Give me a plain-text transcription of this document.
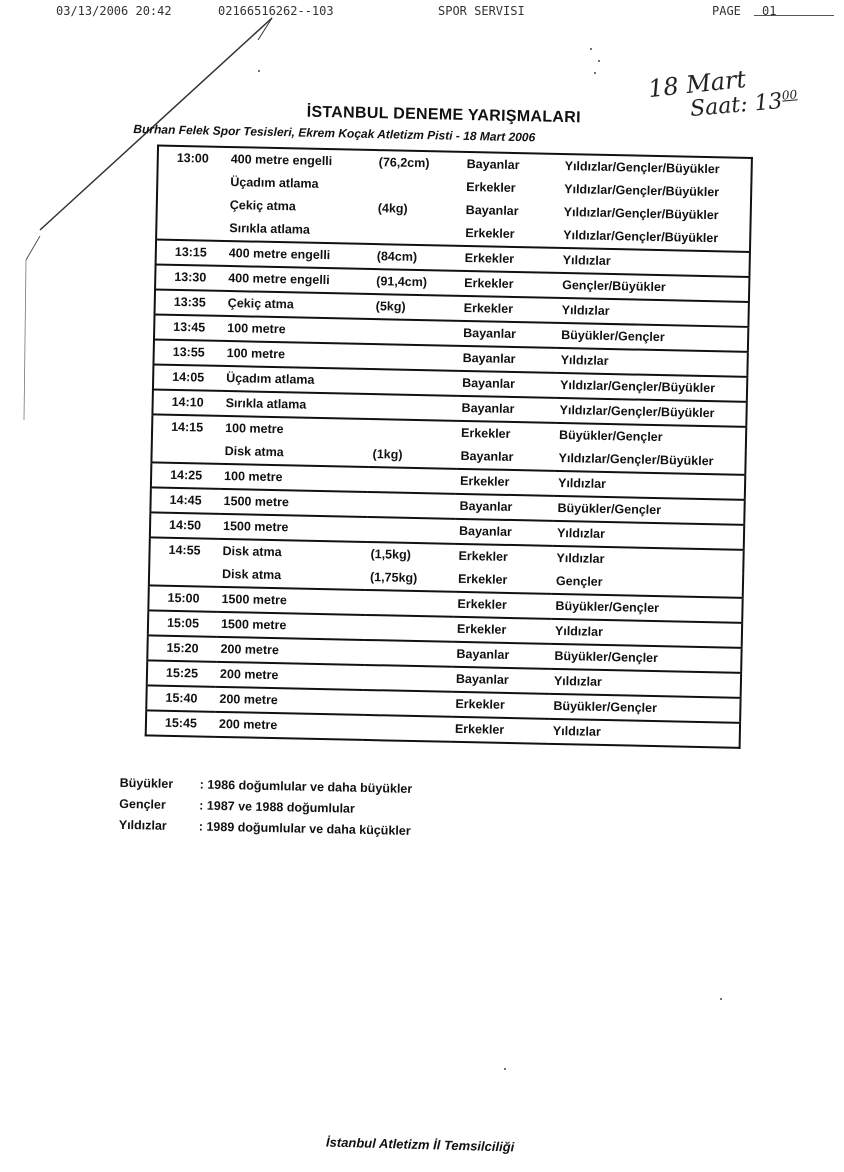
03/13/2006 20:42	02166516262--103	SPOR SERVISI	PAGE 01
18 Mart
Saat: $13^{00}$
İSTANBUL DENEME YARIŞMALARI
Burhan Felek Spor Tesisleri, Ekrem Koçak Atletizm Pisti - 18 Mart 2006
13:00	400 metre engelli	(76,2cm)	Bayanlar	Yıldızlar/Gençler/Büyükler
	Üçadım atlama		Erkekler	Yıldızlar/Gençler/Büyükler
	Çekiç atma	(4kg)	Bayanlar	Yıldızlar/Gençler/Büyükler
	Sırıkla atlama		Erkekler	Yıldızlar/Gençler/Büyükler
13:15	400 metre engelli	(84cm)	Erkekler	Yıldızlar
13:30	400 metre engelli	(91,4cm)	Erkekler	Gençler/Büyükler
13:35	Çekiç atma	(5kg)	Erkekler	Yıldızlar
13:45	100 metre		Bayanlar	Büyükler/Gençler
13:55	100 metre		Bayanlar	Yıldızlar
14:05	Üçadım atlama		Bayanlar	Yıldızlar/Gençler/Büyükler
14:10	Sırıkla atlama		Bayanlar	Yıldızlar/Gençler/Büyükler
14:15	100 metre		Erkekler	Büyükler/Gençler
	Disk atma	(1kg)	Bayanlar	Yıldızlar/Gençler/Büyükler
14:25	100 metre		Erkekler	Yıldızlar
14:45	1500 metre		Bayanlar	Büyükler/Gençler
14:50	1500 metre		Bayanlar	Yıldızlar
14:55	Disk atma	(1,5kg)	Erkekler	Yıldızlar
	Disk atma	(1,75kg)	Erkekler	Gençler
15:00	1500 metre		Erkekler	Büyükler/Gençler
15:05	1500 metre		Erkekler	Yıldızlar
15:20	200 metre		Bayanlar	Büyükler/Gençler
15:25	200 metre		Bayanlar	Yıldızlar
15:40	200 metre		Erkekler	Büyükler/Gençler
15:45	200 metre		Erkekler	Yıldızlar
Büyükler	: 1986 doğumlular ve daha büyükler
Gençler	: 1987 ve 1988 doğumlular
Yıldızlar	: 1989 doğumlular ve daha küçükler
İstanbul Atletizm İl Temsilciliği
